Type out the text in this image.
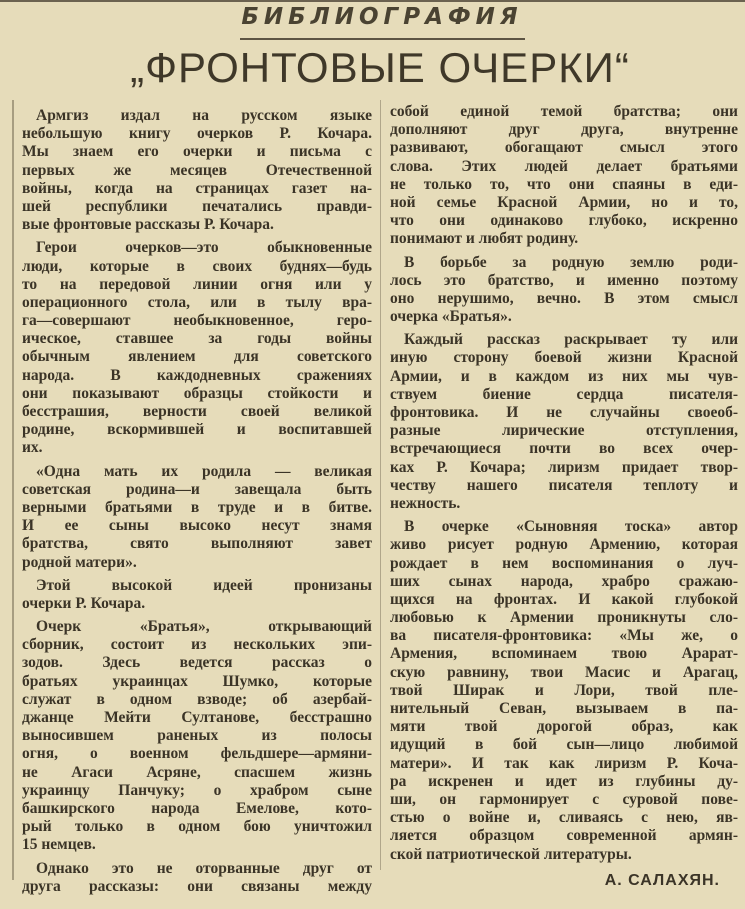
БИБЛИОГРАФИЯ
„ФРОНТОВЫЕ ОЧЕРКИ“
Армгиз издал на русском языке
небольшую книгу очерков Р. Кочара.
Мы знаем его очерки и письма с
первых же месяцев Отечественной
войны, когда на страницах газет на-
шей республики печатались правди-
вые фронтовые рассказы Р. Кочара.
Герои очерков—это обыкновенные
люди, которые в своих буднях—будь
то на передовой линии огня или у
операционного стола, или в тылу вра-
га—совершают необыкновенное, геро-
ическое, ставшее за годы войны
обычным явлением для советского
народа. В каждодневных сражениях
они показывают образцы стойкости и
бесстрашия, верности своей великой
родине, вскормившей и воспитавшей
их.
«Одна мать их родила — великая
советская родина—и завещала быть
верными братьями в труде и в битве.
И ее сыны высоко несут знамя
братства, свято выполняют завет
родной матери».
Этой высокой идеей пронизаны
очерки Р. Кочара.
Очерк «Братья», открывающий
сборник, состоит из нескольких эпи-
зодов. Здесь ведется рассказ о
братьях украинцах Шумко, которые
служат в одном взводе; об азербай-
джанце Мейти Султанове, бесстрашно
выносившем раненых из полосы
огня, о военном фельдшере—армяни-
не Агаси Асряне, спасшем жизнь
украинцу Панчуку; о храбром сыне
башкирского народа Емелове, кото-
рый только в одном бою уничтожил
15 немцев.
Однако это не оторванные друг от
друга рассказы: они связаны между
собой единой темой братства; они
дополняют друг друга, внутренне
развивают, обогащают смысл этого
слова. Этих людей делает братьями
не только то, что они спаяны в еди-
ной семье Красной Армии, но и то,
что они одинаково глубоко, искренно
понимают и любят родину.
В борьбе за родную землю роди-
лось это братство, и именно поэтому
оно нерушимо, вечно. В этом смысл
очерка «Братья».
Каждый рассказ раскрывает ту или
иную сторону боевой жизни Красной
Армии, и в каждом из них мы чув-
ствуем биение сердца писателя-
фронтовика. И не случайны своеоб-
разные лирические отступления,
встречающиеся почти во всех очер-
ках Р. Кочара; лиризм придает твор-
честву нашего писателя теплоту и
нежность.
В очерке «Сыновняя тоска» автор
живо рисует родную Армению, которая
рождает в нем воспоминания о луч-
ших сынах народа, храбро сражаю-
щихся на фронтах. И какой глубокой
любовью к Армении проникнуты сло-
ва писателя-фронтовика: «Мы же, о
Армения, вспоминаем твою Арарат-
скую равнину, твои Масис и Арагац,
твой Ширак и Лори, твой пле-
нительный Севан, вызываем в па-
мяти твой дорогой образ, как
идущий в бой сын—лицо любимой
матери». И так как лиризм Р. Коча-
ра искренен и идет из глубины ду-
ши, он гармонирует с суровой пове-
стью о войне и, сливаясь с нею, яв-
ляется образцом современной армян-
ской патриотической литературы.
А. САЛАХЯН.
